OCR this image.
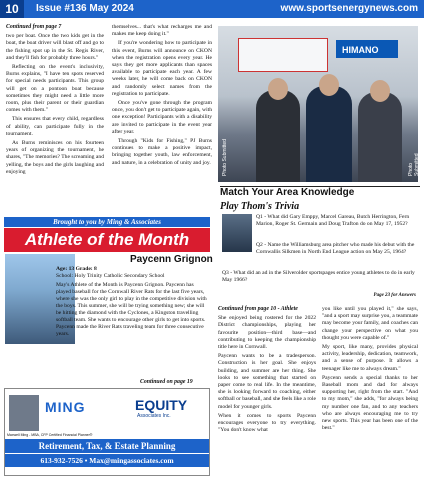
10	Issue #136 May 2024	www.sportsenergynews.com

Continued from page 7

two per boat. Once the two kids get in the boat, the boat driver will blast off and go to the fishing spot up in the St. Regis River, and they'll fish for probably three hours."

Reflecting on the event's inclusivity, Burns explains, "I have ten spots reserved for special needs participants. This group will get on a pontoon boat because sometimes they might need a little more room, plus their parent or their guardian comes with them."

This ensures that every child, regardless of ability, can participate fully in the tournament.

As Burns reminisces on his fourteen years of organizing the tournament, he shares, "The memories? The screaming and yelling, the boys and the girls laughing and enjoying

themselves... that's what recharges me and makes me keep doing it."

If you're wondering how to participate in this event, Burns will announce on CKON when the registration opens every year. He says they get more applicants than spaces available to participate each year. A few weeks later, he will come back on CKON and randomly select names from the registration to participate.

Once you've gone through the program once, you don't get to participate again, with one exception! Participants with a disability are invited to participate in the event year after year.

Through "Kids for Fishing," PJ Burns continues to make a positive impact, bringing together youth, law enforcement, and nature, in a celebration of unity and joy.

HIMANO
Photo Submitted	Photo Submitted
Match Your Area Knowledge
Play Thom's Trivia
Q1 - What did Gary Emppy, Marcel Gareau, Butch Herrington, Fern Marion, Roger St. Germain and Doug Trafton do on May 17, 1952?
Q2 - Name the Williamsburg area pitcher who made his debut with the Cornwallis Silkmen in North End League action on May 25, 1964?
Q3 - What did an ad in the Silverolder sportspages entice young athletes to do in early May 1966?
Page 23 for Answers
Brought to you by Ming & Associates
Athlete of the Month
Paycenn Grignon
Age: 13 Grade: 8
School: Holy Trinity Catholic Secondary School
May's Athlete of the Month is Paycenn Grignon. Paycenn has played baseball for the Cornwall River Rats for the last five years, where she was the only girl to play in the competitive division with the boys. This summer, she will be trying something new; she will be hitting the diamond with the Cyclones, a Kingston travelling softball team. She wants to encourage other girls to get into sports. Paycenn made the River Rats traveling team for three consecutive years.
Continued on page 19
MING	EQUITY
Associates Inc.
Maxwell Ming - MBA, CFP Certified Financial Planner®
Retirement, Tax, & Estate Planning
613-932-7526 • Max@mingassociates.com

Continued from page 10 - Athlete

She enjoyed being rostered for the 2022 District championships, playing her favourite position—third base—and contributing to keeping the championship title here in Cornwall.

Paycenn wants to be a tradesperson. Construction is her goal. She enjoys building, and summer are her thing. She looks to see something that started on paper come to real life. In the meantime, she is looking forward to coaching, either softball or baseball, and she feels like a role model for younger girls.

When it comes to sports Paycenn encourages everyone to try everything. "You don't know what

you like until you played it," she says, "and a sport may surprise you, a teammate may become your family, and coaches can change your perspective on what you thought you were capable of."

My sport, like many, provides physical activity, leadership, dedication, teamwork, and a sense of purpose. It allows a teenager like me to always dream."

Paycenn sends a special thanks to her Baseball mom and dad for always supporting her, right from the start. "And to my mom," she adds, "for always being my number one fan, and to any teachers who are always encouraging me to try new sports. This year has been one of the best."
